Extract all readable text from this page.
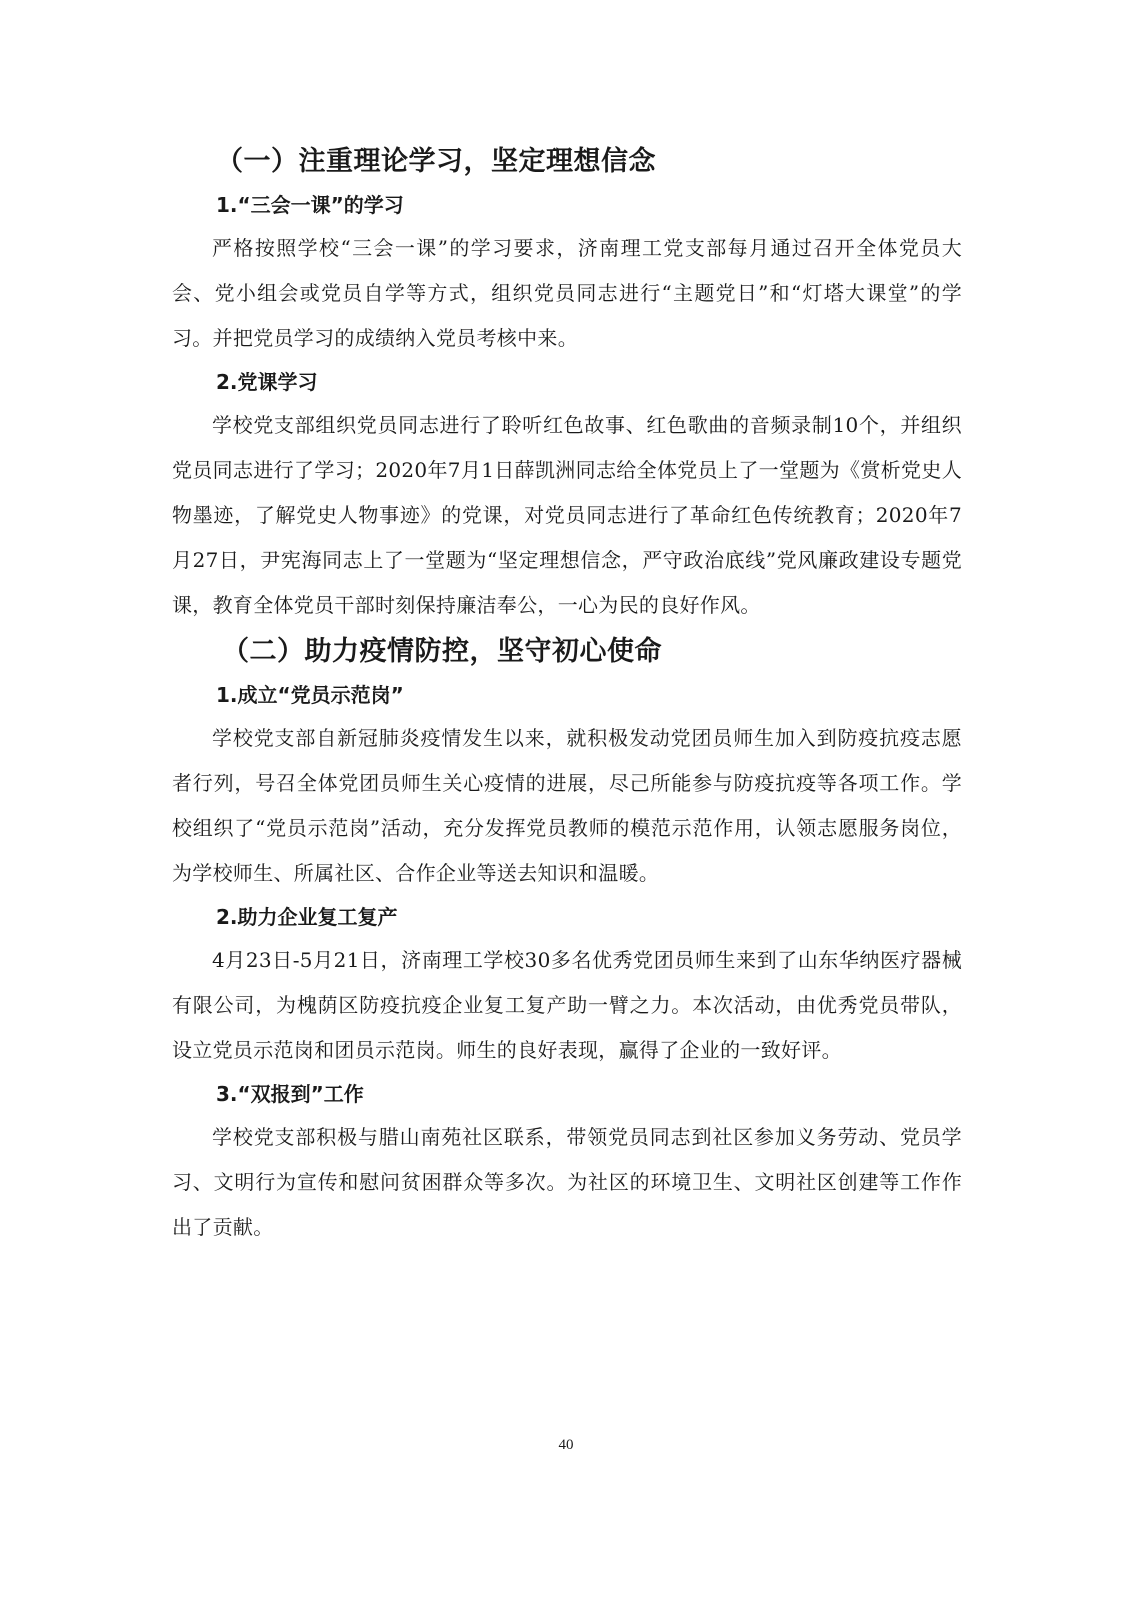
（一）注重理论学习，坚定理想信念
1.“三会一课”的学习

严格按照学校“三会一课”的学习要求，济南理工党支部每月通过召开全体党员大会、党小组会或党员自学等方式，组织党员同志进行“主题党日”和“灯塔大课堂”的学习。并把党员学习的成绩纳入党员考核中来。

2.党课学习

学校党支部组织党员同志进行了聆听红色故事、红色歌曲的音频录制10个，并组织党员同志进行了学习；2020年7月1日薛凯洲同志给全体党员上了一堂题为《赏析党史人物墨迹，了解党史人物事迹》的党课，对党员同志进行了革命红色传统教育；2020年7月27日，尹宪海同志上了一堂题为“坚定理想信念，严守政治底线”党风廉政建设专题党课，教育全体党员干部时刻保持廉洁奉公，一心为民的良好作风。

（二）助力疫情防控，坚守初心使命
1.成立“党员示范岗”

学校党支部自新冠肺炎疫情发生以来，就积极发动党团员师生加入到防疫抗疫志愿者行列，号召全体党团员师生关心疫情的进展，尽己所能参与防疫抗疫等各项工作。学校组织了“党员示范岗”活动，充分发挥党员教师的模范示范作用，认领志愿服务岗位，为学校师生、所属社区、合作企业等送去知识和温暖。

2.助力企业复工复产

4月23日-5月21日，济南理工学校30多名优秀党团员师生来到了山东华纳医疗器械有限公司，为槐荫区防疫抗疫企业复工复产助一臂之力。本次活动，由优秀党员带队，设立党员示范岗和团员示范岗。师生的良好表现，赢得了企业的一致好评。

3.“双报到”工作

学校党支部积极与腊山南苑社区联系，带领党员同志到社区参加义务劳动、党员学习、文明行为宣传和慰问贫困群众等多次。为社区的环境卫生、文明社区创建等工作作出了贡献。

40
